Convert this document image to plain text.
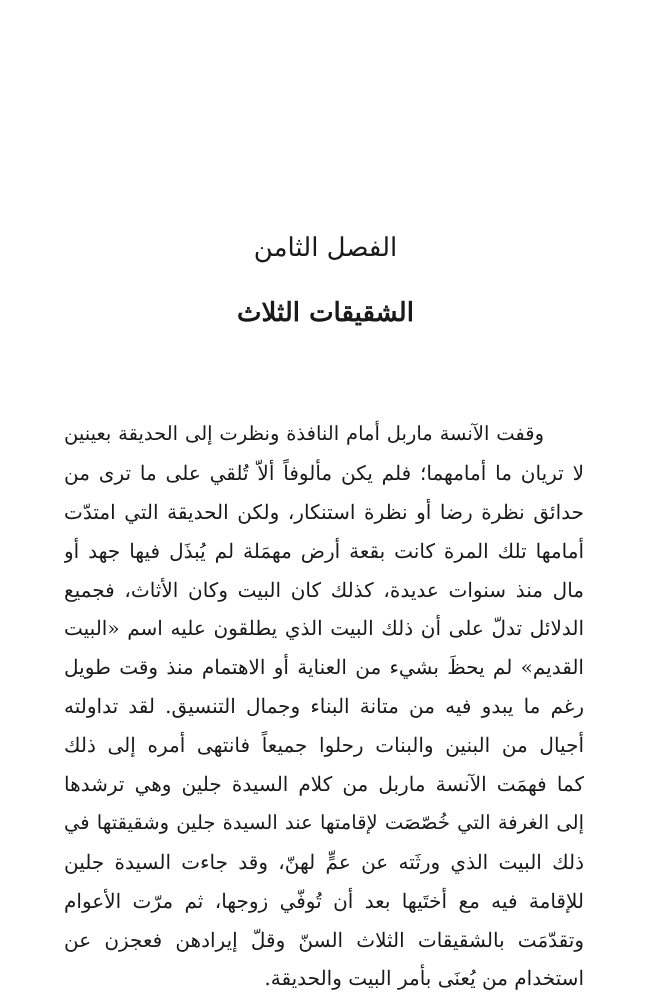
الفصل الثامن
الشقيقات الثلاث
وقفت الآنسة ماربل أمام النافذة ونظرت إلى الحديقة بعينين
لا تريان ما أمامهما؛ فلم يكن مألوفاً ألاّ تُلقي على ما ترى من
حدائق نظرة رضا أو نظرة استنكار، ولكن الحديقة التي امتدّت
أمامها تلك المرة كانت بقعة أرض مهمَلة لم يُبذَل فيها جهد أو
مال منذ سنوات عديدة، كذلك كان البيت وكان الأثاث، فجميع
الدلائل تدلّ على أن ذلك البيت الذي يطلقون عليه اسم «البيت
القديم» لم يحظَ بشيء من العناية أو الاهتمام منذ وقت طويل
رغم ما يبدو فيه من متانة البناء وجمال التنسيق. لقد تداولته
أجيال من البنين والبنات رحلوا جميعاً فانتهى أمره إلى ذلك
كما فهمَت الآنسة ماربل من كلام السيدة جلين وهي ترشدها
إلى الغرفة التي خُصّصَت لإقامتها عند السيدة جلين وشقيقتها في
ذلك البيت الذي ورثَته عن عمٍّ لهنّ، وقد جاءت السيدة جلين
للإقامة فيه مع أختَيها بعد أن تُوفّي زوجها، ثم مرّت الأعوام
وتقدّمَت بالشقيقات الثلاث السنّ وقلّ إيرادهن فعجزن عن
استخدام من يُعنَى بأمر البيت والحديقة.
